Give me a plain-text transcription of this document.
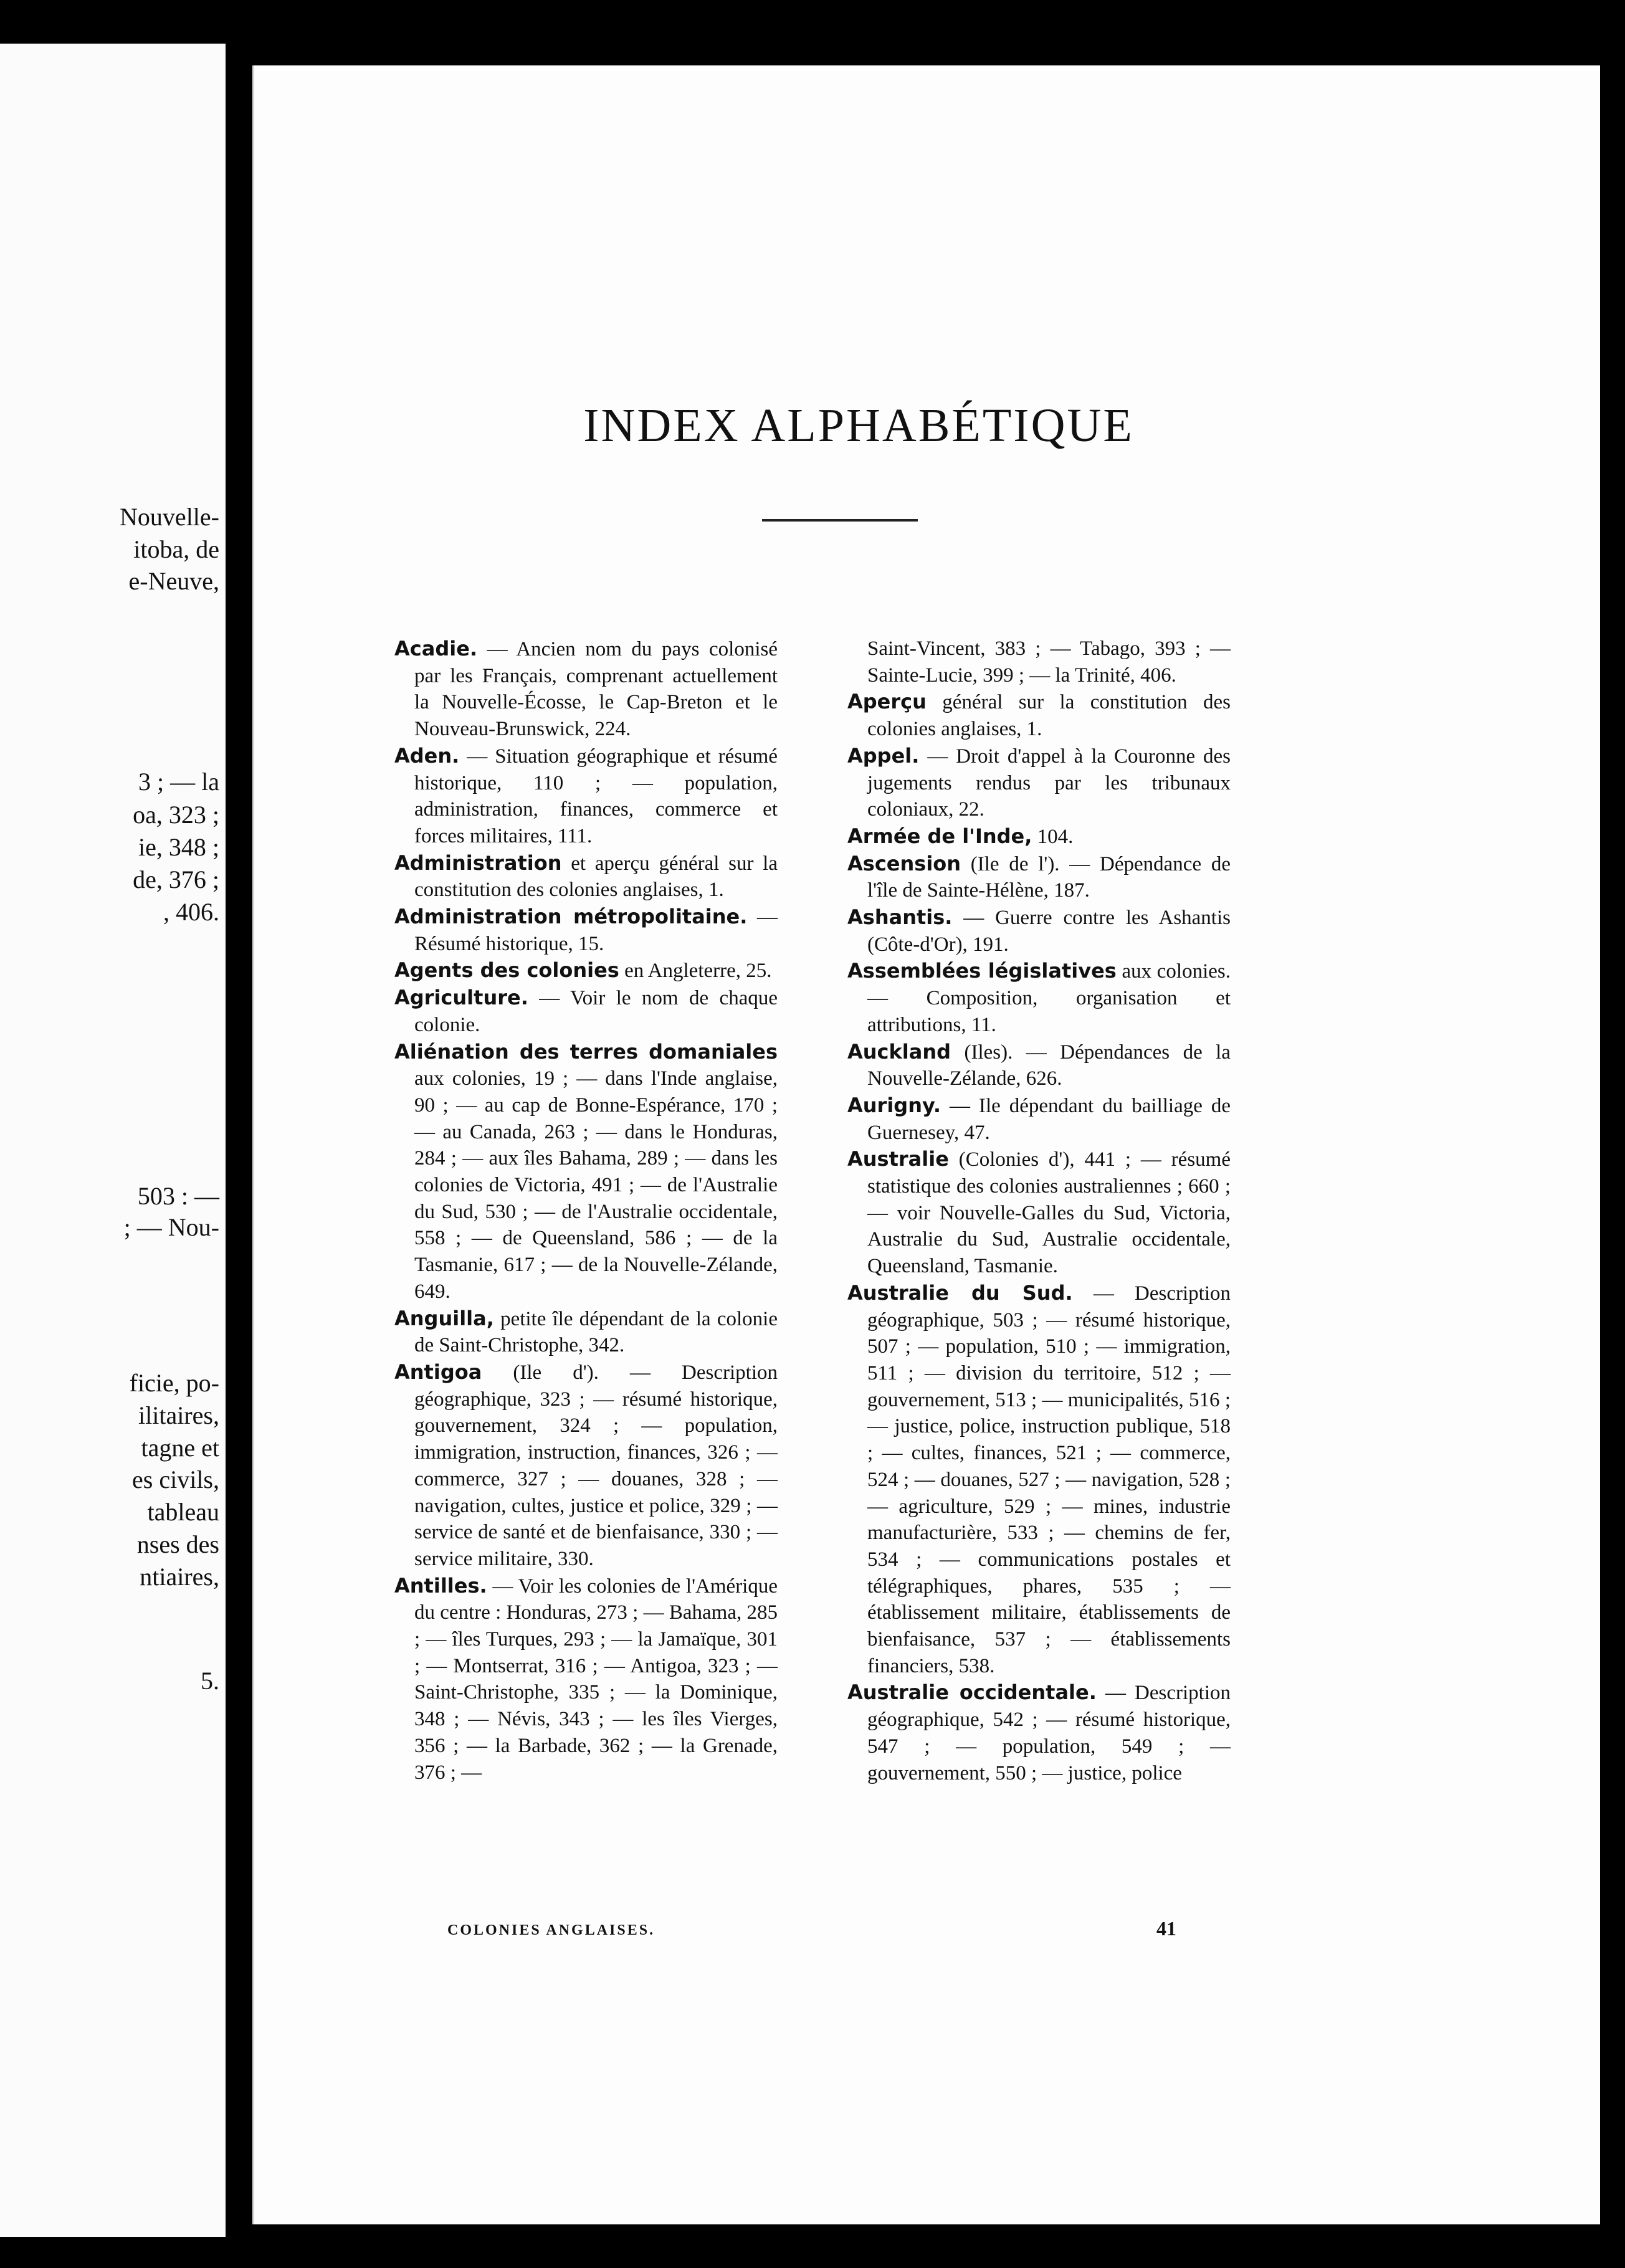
Nouvelle-
itoba, de
e-Neuve,
3 ; — la
oa, 323 ;
ie, 348 ;
de, 376 ;
, 406.
503 : —
; — Nou-
ficie, po-
ilitaires,
tagne et
es civils,
tableau
nses des
ntiaires,
5.
INDEX ALPHABÉTIQUE

Acadie. — Ancien nom du pays colonisé par les Français, comprenant actuellement la Nouvelle-Écosse, le Cap-Breton et le Nouveau-Brunswick, 224.

Aden. — Situation géographique et résumé historique, 110 ; — population, administration, finances, commerce et forces militaires, 111.

Administration et aperçu général sur la constitution des colonies anglaises, 1.

Administration métropolitaine. — Résumé historique, 15.

Agents des colonies en Angleterre, 25.

Agriculture. — Voir le nom de chaque colonie.

Aliénation des terres domaniales aux colonies, 19 ; — dans l'Inde anglaise, 90 ; — au cap de Bonne-Espérance, 170 ; — au Canada, 263 ; — dans le Honduras, 284 ; — aux îles Bahama, 289 ; — dans les colonies de Victoria, 491 ; — de l'Australie du Sud, 530 ; — de l'Australie occidentale, 558 ; — de Queensland, 586 ; — de la Tasmanie, 617 ; — de la Nouvelle-Zélande, 649.

Anguilla, petite île dépendant de la colonie de Saint-Christophe, 342.

Antigoa (Ile d'). — Description géographique, 323 ; — résumé historique, gouvernement, 324 ; — population, immigration, instruction, finances, 326 ; — commerce, 327 ; — douanes, 328 ; — navigation, cultes, justice et police, 329 ; — service de santé et de bienfaisance, 330 ; — service militaire, 330.

Antilles. — Voir les colonies de l'Amérique du centre : Honduras, 273 ; — Bahama, 285 ; — îles Turques, 293 ; — la Jamaïque, 301 ; — Montserrat, 316 ; — Antigoa, 323 ; — Saint-Christophe, 335 ; — la Dominique, 348 ; — Névis, 343 ; — les îles Vierges, 356 ; — la Barbade, 362 ; — la Grenade, 376 ; —

Saint-Vincent, 383 ; — Tabago, 393 ; — Sainte-Lucie, 399 ; — la Trinité, 406.

Aperçu général sur la constitution des colonies anglaises, 1.

Appel. — Droit d'appel à la Couronne des jugements rendus par les tribunaux coloniaux, 22.

Armée de l'Inde, 104.

Ascension (Ile de l'). — Dépendance de l'île de Sainte-Hélène, 187.

Ashantis. — Guerre contre les Ashantis (Côte-d'Or), 191.

Assemblées législatives aux colonies. — Composition, organisation et attributions, 11.

Auckland (Iles). — Dépendances de la Nouvelle-Zélande, 626.

Aurigny. — Ile dépendant du bailliage de Guernesey, 47.

Australie (Colonies d'), 441 ; — résumé statistique des colonies australiennes ; 660 ; — voir Nouvelle-Galles du Sud, Victoria, Australie du Sud, Australie occidentale, Queensland, Tasmanie.

Australie du Sud. — Description géographique, 503 ; — résumé historique, 507 ; — population, 510 ; — immigration, 511 ; — division du territoire, 512 ; — gouvernement, 513 ; — municipalités, 516 ; — justice, police, instruction publique, 518 ; — cultes, finances, 521 ; — commerce, 524 ; — douanes, 527 ; — navigation, 528 ; — agriculture, 529 ; — mines, industrie manufacturière, 533 ; — chemins de fer, 534 ; — communications postales et télégraphiques, phares, 535 ; — établissement militaire, établissements de bienfaisance, 537 ; — établissements financiers, 538.

Australie occidentale. — Description géographique, 542 ; — résumé historique, 547 ; — population, 549 ; — gouvernement, 550 ; — justice, police

COLONIES ANGLAISES.	41
